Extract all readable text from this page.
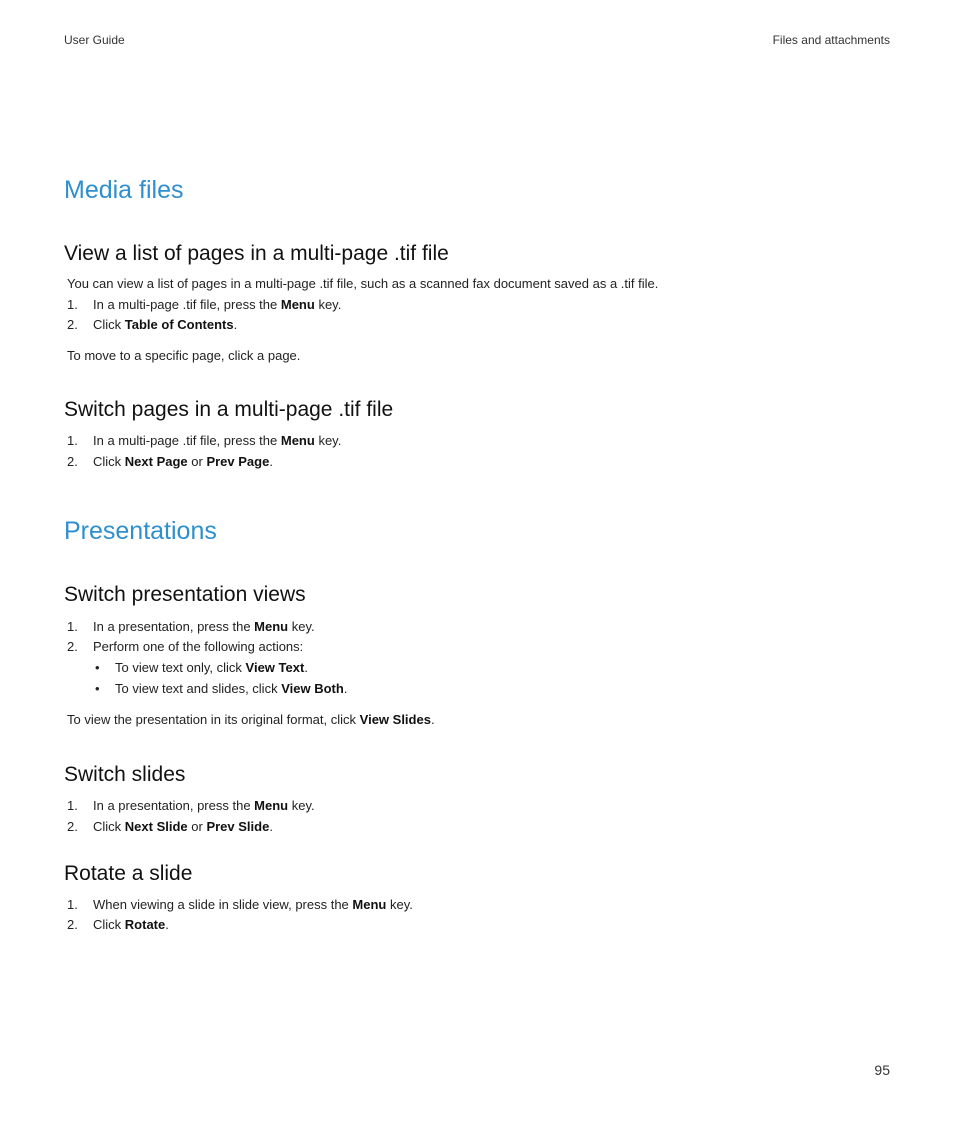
User Guide	Files and attachments
Media files
View a list of pages in a multi-page .tif file

You can view a list of pages in a multi-page .tif file, such as a scanned fax document saved as a .tif file.

1. In a multi-page .tif file, press the Menu key.

2. Click Table of Contents.

To move to a specific page, click a page.

Switch pages in a multi-page .tif file

1. In a multi-page .tif file, press the Menu key.

2. Click Next Page or Prev Page.

Presentations
Switch presentation views

1. In a presentation, press the Menu key.

2. Perform one of the following actions:

• To view text only, click View Text.

• To view text and slides, click View Both.

To view the presentation in its original format, click View Slides.

Switch slides

1. In a presentation, press the Menu key.

2. Click Next Slide or Prev Slide.

Rotate a slide

1. When viewing a slide in slide view, press the Menu key.

2. Click Rotate.

95
